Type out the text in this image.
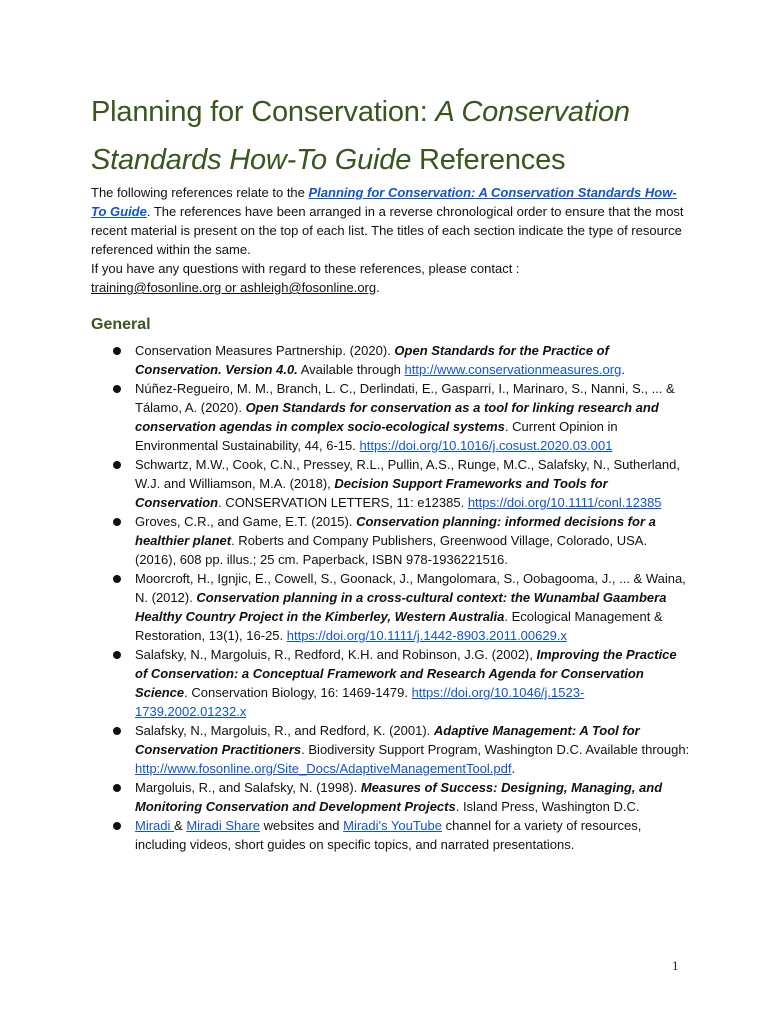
Planning for Conservation: A Conservation Standards How-To Guide References

The following references relate to the Planning for Conservation: A Conservation Standards How-To Guide. The references have been arranged in a reverse chronological order to ensure that the most recent material is present on the top of each list. The titles of each section indicate the type of resource referenced within the same.

If you have any questions with regard to these references, please contact :

training@fosonline.org or ashleigh@fosonline.org.

General
Conservation Measures Partnership. (2020). Open Standards for the Practice of Conservation. Version 4.0. Available through http://www.conservationmeasures.org.
Núñez-Regueiro, M. M., Branch, L. C., Derlindati, E., Gasparri, I., Marinaro, S., Nanni, S., ... & Tálamo, A. (2020). Open Standards for conservation as a tool for linking research and conservation agendas in complex socio-ecological systems. Current Opinion in Environmental Sustainability, 44, 6-15. https://doi.org/10.1016/j.cosust.2020.03.001
Schwartz, M.W., Cook, C.N., Pressey, R.L., Pullin, A.S., Runge, M.C., Salafsky, N., Sutherland, W.J. and Williamson, M.A. (2018), Decision Support Frameworks and Tools for Conservation. CONSERVATION LETTERS, 11: e12385. https://doi.org/10.1111/conl.12385
Groves, C.R., and Game, E.T. (2015). Conservation planning: informed decisions for a healthier planet. Roberts and Company Publishers, Greenwood Village, Colorado, USA. (2016), 608 pp. illus.; 25 cm. Paperback, ISBN 978-1936221516.
Moorcroft, H., Ignjic, E., Cowell, S., Goonack, J., Mangolomara, S., Oobagooma, J., ... & Waina, N. (2012). Conservation planning in a cross-cultural context: the Wunambal Gaambera Healthy Country Project in the Kimberley, Western Australia. Ecological Management & Restoration, 13(1), 16-25. https://doi.org/10.1111/j.1442-8903.2011.00629.x
Salafsky, N., Margoluis, R., Redford, K.H. and Robinson, J.G. (2002), Improving the Practice of Conservation: a Conceptual Framework and Research Agenda for Conservation Science. Conservation Biology, 16: 1469-1479. https://doi.org/10.1046/j.1523-1739.2002.01232.x
Salafsky, N., Margoluis, R., and Redford, K. (2001). Adaptive Management: A Tool for Conservation Practitioners. Biodiversity Support Program, Washington D.C. Available through: http://www.fosonline.org/Site_Docs/AdaptiveManagementTool.pdf.
Margoluis, R., and Salafsky, N. (1998). Measures of Success: Designing, Managing, and Monitoring Conservation and Development Projects. Island Press, Washington D.C.
Miradi & Miradi Share websites and Miradi's YouTube channel for a variety of resources, including videos, short guides on specific topics, and narrated presentations.
1
